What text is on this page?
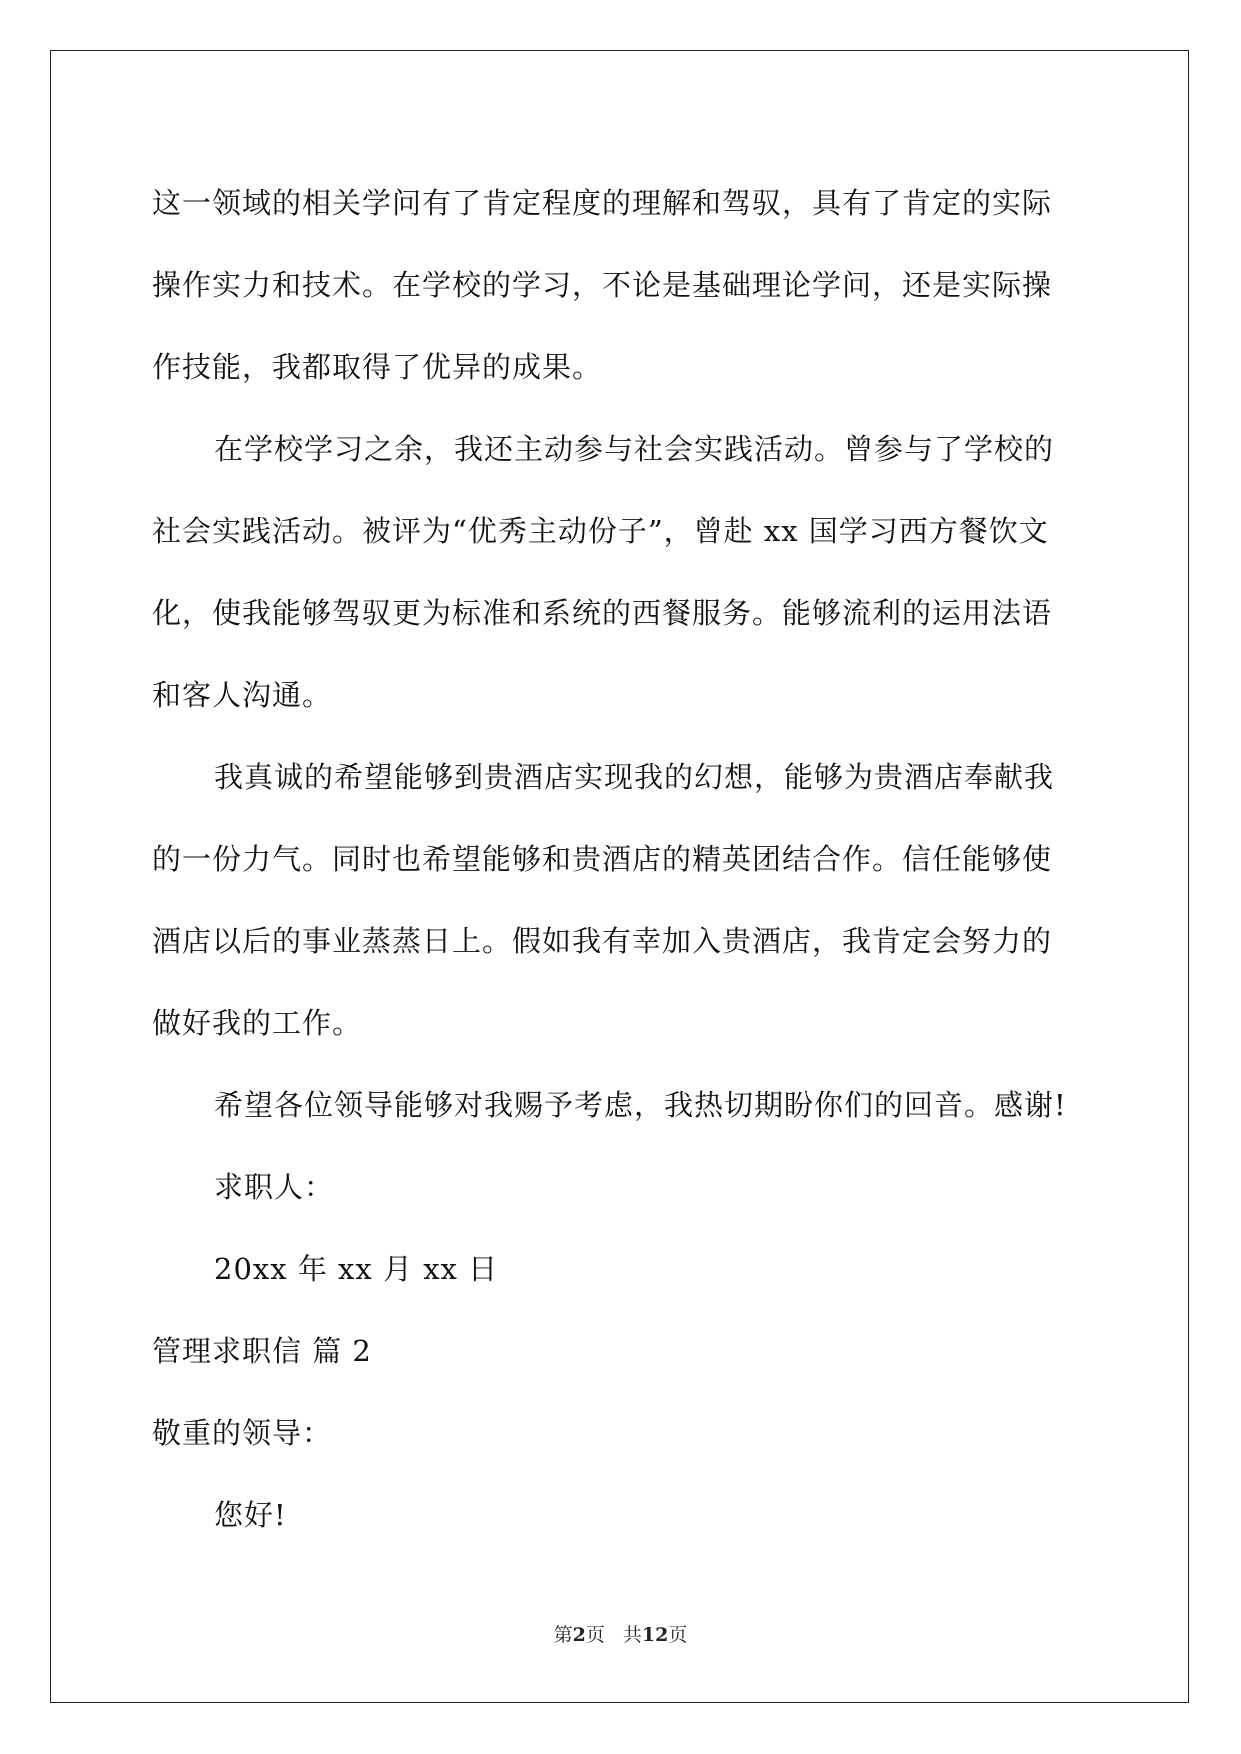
这一领域的相关学问有了肯定程度的理解和驾驭，具有了肯定的实际
操作实力和技术。在学校的学习，不论是基础理论学问，还是实际操
作技能，我都取得了优异的成果。
在学校学习之余，我还主动参与社会实践活动。曾参与了学校的
社会实践活动。被评为“优秀主动份子”，曾赴 xx 国学习西方餐饮文
化，使我能够驾驭更为标准和系统的西餐服务。能够流利的运用法语
和客人沟通。
我真诚的希望能够到贵酒店实现我的幻想，能够为贵酒店奉献我
的一份力气。同时也希望能够和贵酒店的精英团结合作。信任能够使
酒店以后的事业蒸蒸日上。假如我有幸加入贵酒店，我肯定会努力的
做好我的工作。
希望各位领导能够对我赐予考虑，我热切期盼你们的回音。感谢!
求职人：
20xx 年 xx 月 xx 日
管理求职信 篇 2
敬重的领导：
您好!
第2页 共12页
